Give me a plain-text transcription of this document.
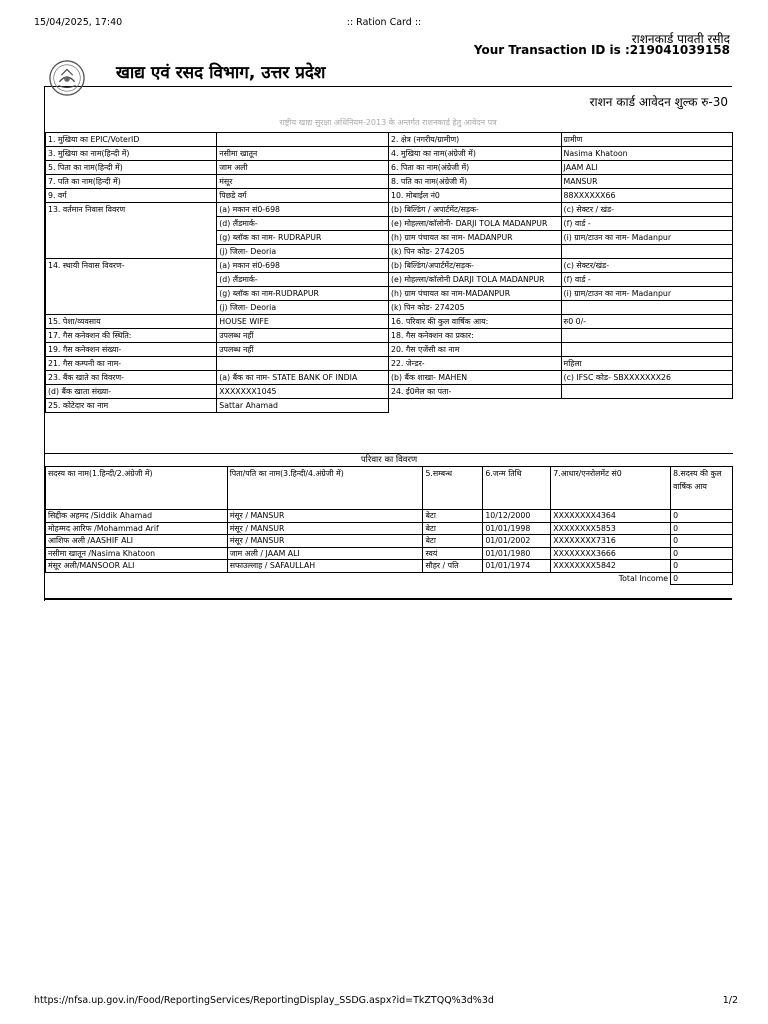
15/04/2025, 17:40	:: Ration Card ::
राशनकार्ड पावती रसीद
Your Transaction ID is :219041039158
खाद्य एवं रसद विभाग, उत्तर प्रदेश
राशन कार्ड आवेदन शुल्क रु-30
राष्ट्रीय खाद्य सुरक्षा अधिनियम-2013 के अन्तर्गत राशनकार्ड हेतु आवेदन पत्र
1. मुखिया का EPIC/VoterID		2. क्षेत्र (नगरीय/ग्रामीण)	ग्रामीण
3. मुखिया का नाम(हिन्दी में)	नसीमा खातून	4. मुखिया का नाम(अंग्रेजी में)	Nasima Khatoon
5. पिता का नाम(हिन्दी में)	जाम अली	6. पिता का नाम(अंग्रेजी में)	JAAM ALI
7. पति का नाम(हिन्दी में)	मंसूर	8. पति का नाम(अंग्रेजी में)	MANSUR
9. वर्ग	पिछडे वर्ग	10. मोबाईल नं0	88XXXXXX66
13. वर्तमान निवास विवरण	(a) मकान सं0-698	(b) बिल्डिंग / अपार्टमेंट/सड़क-	(c) सेक्टर / खंड-
	(d) लैंडमार्क-	(e) मोहल्ला/कॉलोनी- DARJI TOLA MADANPUR	(f) वार्ड -
	(g) ब्लॉक का नाम- RUDRAPUR	(h) ग्राम पंचायत का नाम- MADANPUR	(i) ग्राम/टाउन का नाम- Madanpur
	(j) जिला- Deoria	(k) पिन कोड- 274205	
14. स्थायी निवास विवरण-	(a) मकान सं0-698	(b) बिल्डिंग/अपार्टमेंट/सड़क-	(c) सेक्टर/खंड-
	(d) लैंडमार्क-	(e) मोहल्ला/कॉलोनी DARJI TOLA MADANPUR	(f) वार्ड -
	(g) ब्लॉक का नाम-RUDRAPUR	(h) ग्राम पंचायत का नाम-MADANPUR	(i) ग्राम/टाउन का नाम- Madanpur
	(j) जिला- Deoria	(k) पिन कोड- 274205	
15. पेशा/व्यवसाय	HOUSE WIFE	16. परिवार की कुल वार्षिक आय:	रु0 0/-
17. गैस कनेक्शन की स्थिति:	उपलब्ध नहीं	18. गैस कनेक्शन का प्रकार:	
19. गैस कनेक्शन संख्या-	उपलब्ध नहीं	20. गैस एजेंसी का नाम	
21. गैस कम्पनी का नाम-		22. जेन्डर-	महिला
23. बैंक खाते का विवरण-	(a) बैंक का नाम- STATE BANK OF INDIA	(b) बैंक शाखा- MAHEN	(c) IFSC कोड- SBXXXXXXX26
(d) बैंक खाता संख्या-	XXXXXXX1045	24. ई0मेल का पता-	
25. कोटेदार का नाम	Sattar Ahamad		
परिवार का विवरण
सदस्य का नाम(1.हिन्दी/2.अंग्रेजी में)	पिता/पति का नाम(3.हिन्दी/4.अंग्रेजी में)	5.सम्बन्ध	6.जन्म तिथि	7.आधार/एनरोलमेंट सं0	8.सदस्य की कुल वार्षिक आय
सिद्दीक अहमद /Siddik Ahamad	मंसूर / MANSUR	बेटा	10/12/2000	XXXXXXXX4364	0
मोहम्मद आरिफ /Mohammad Arif	मंसूर / MANSUR	बेटा	01/01/1998	XXXXXXXX5853	0
आशिफ अली /AASHIF ALI	मंसूर / MANSUR	बेटा	01/01/2002	XXXXXXXX7316	0
नसीमा खातून /Nasima Khatoon	जाम अली / JAAM ALI	स्वयं	01/01/1980	XXXXXXXX3666	0
मंसूर अली/MANSOOR ALI	सफाउल्लाह / SAFAULLAH	सौहर / पति	01/01/1974	XXXXXXXX5842	0
Total Income					0
https://nfsa.up.gov.in/Food/ReportingServices/ReportingDisplay_SSDG.aspx?id=TkZTQQ%3d%3d	1/2
